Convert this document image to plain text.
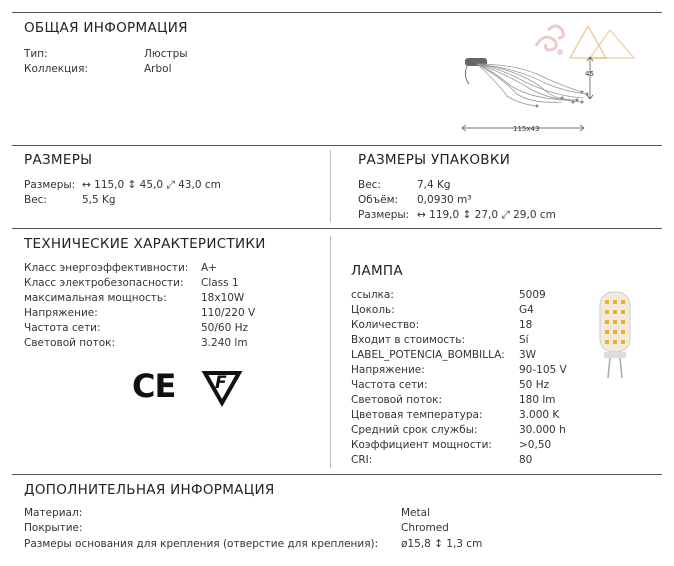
ОБЩАЯ ИНФОРМАЦИЯ
Тип:	Люстры
Коллекция:	Arbol	45
115x43
РАЗМЕРЫ
Размеры: ↔ 115,0 ↕ 45,0 ⤢ 43,0 cm
Вес:	5,5 Kg
РАЗМЕРЫ УПАКОВКИ
Вес:	7,4 Kg
Объём: 0,0930 m³
Размеры: ↔ 119,0 ↕ 27,0 ⤢ 29,0 cm
ТЕХНИЧЕСКИЕ ХАРАКТЕРИСТИКИ
Класс энергоэффективности: A+
Класс электробезопасности: Class 1
максимальная мощность:	18x10W
Напряжение:	110/220 V
Частота сети:	50/60 Hz
Световой поток:	3.240 lm
CE F
ЛАМПА
ссылка:	5009
Цоколь:	G4
Количество:	18
Входит в стоимость:	Sí
LABEL_POTENCIA_BOMBILLA: 3W
Напряжение:	90-105 V
Частота сети:	50 Hz
Световой поток:	180 lm
Цветовая температура:	3.000 K
Средний срок службы:	30.000 h
Коэффициент мощности:	>0,50
CRI:	80
ДОПОЛНИТЕЛЬНАЯ ИНФОРМАЦИЯ
Материал:	Metal
Покрытие:	Chromed
Размеры основания для крепления (отверстие для крепления): ø15,8 ↕ 1,3 cm
